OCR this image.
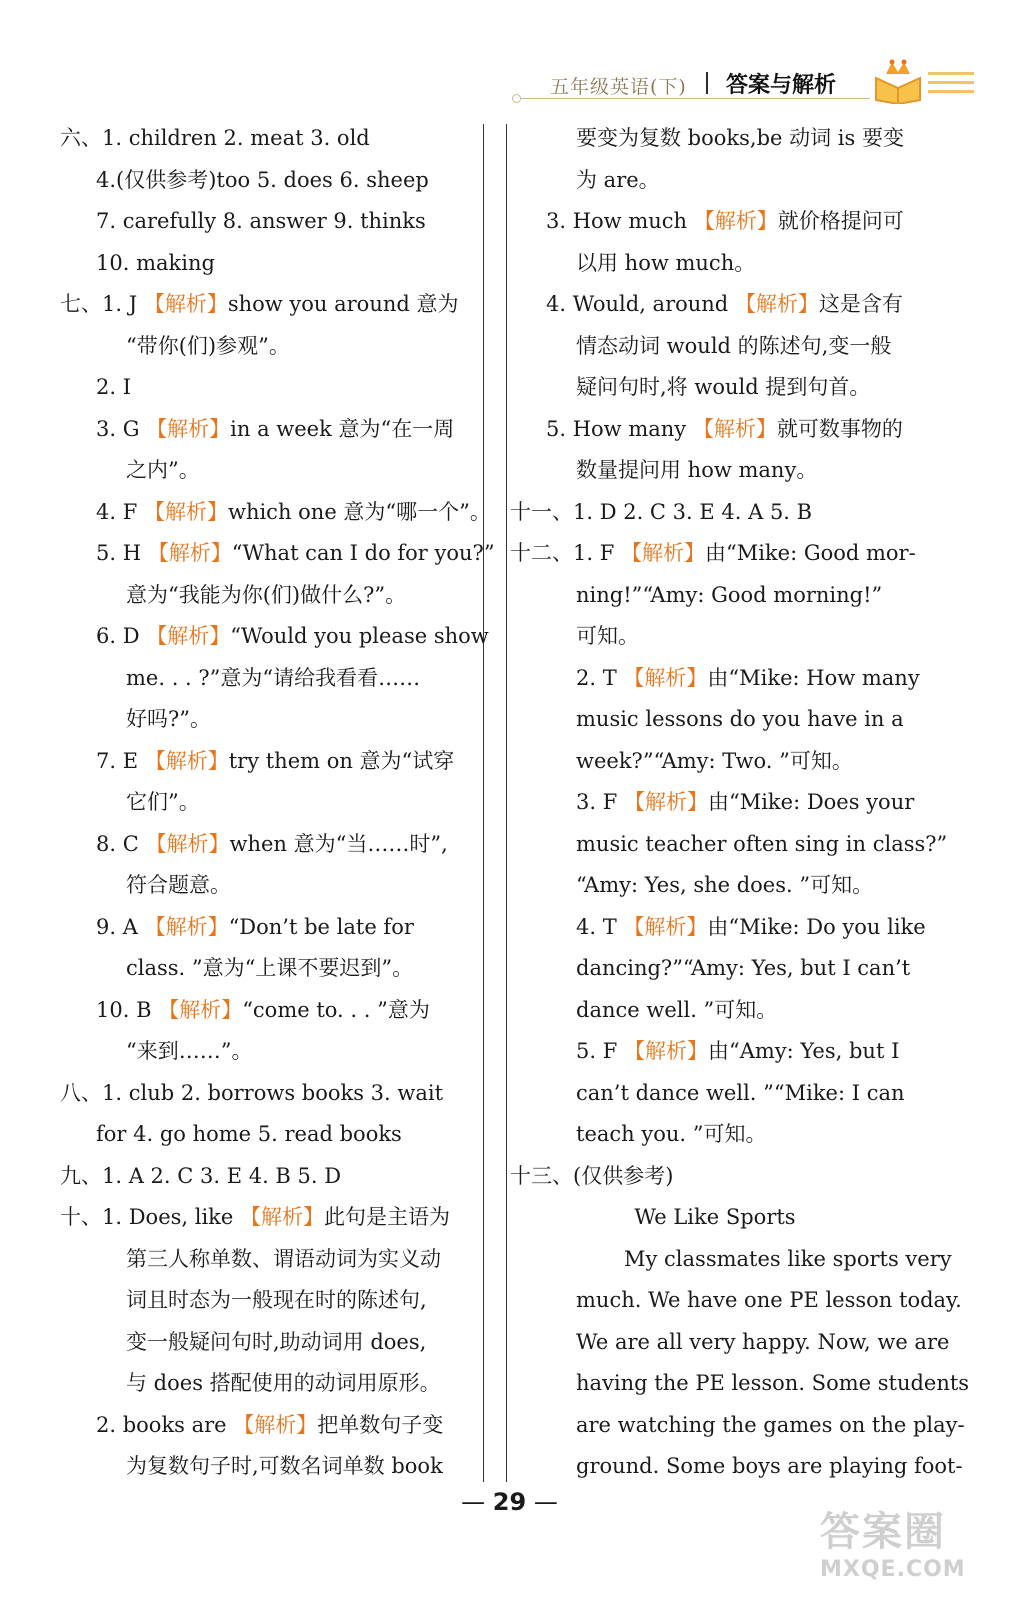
五年级英语(下) 答案与解析
六、1. children 2. meat 3. old
4.(仅供参考)too 5. does 6. sheep
7. carefully 8. answer 9. thinks
10. making
七、1. J 【 解析 】 show you around 意为
“带你(们)参观”。
2. I
3. G 【 解析 】 in a week 意为“在一周
之内”。
4. F 【 解析 】 which one 意为“哪一个”。
5. H 【 解析 】 “What can I do for you?”
意为“我能为你(们)做什么?”。
6. D 【 解析 】 “Would you please show
me. . . ?”意为“请给我看看……
好吗?”。
7. E 【 解析 】 try them on 意为“试穿
它们”。
8. C 【 解析 】 when 意为“当……时”,
符合题意。
9. A 【 解析 】 “Don’t be late for
class. ”意为“上课不要迟到”。
10. B 【 解析 】 “come to. . . ”意为
“来到……”。
八、1. club 2. borrows books 3. wait
for 4. go home 5. read books
九、1. A 2. C 3. E 4. B 5. D
十、1. Does, like 【 解析 】 此句是主语为
第三人称单数、谓语动词为实义动
词且时态为一般现在时的陈述句,
变一般疑问句时,助动词用 does,
与 does 搭配使用的动词用原形。
2. books are 【 解析 】 把单数句子变
为复数句子时,可数名词单数 book
要变为复数 books,be 动词 is 要变
为 are。
3. How much 【 解析 】 就价格提问可
以用 how much。
4. Would, around 【 解析 】 这是含有
情态动词 would 的陈述句,变一般
疑问句时,将 would 提到句首。
5. How many 【 解析 】 就可数事物的
数量提问用 how many。
十一、1. D 2. C 3. E 4. A 5. B
十二、1. F 【 解析 】 由“Mike: Good mor-
ning!”“Amy: Good morning!”
可知。
2. T 【 解析 】 由“Mike: How many
music lessons do you have in a
week?”“Amy: Two. ”可知。
3. F 【 解析 】 由“Mike: Does your
music teacher often sing in class?”
“Amy: Yes, she does. ”可知。
4. T 【 解析 】 由“Mike: Do you like
dancing?”“Amy: Yes, but I can’t
dance well. ”可知。
5. F 【 解析 】 由“Amy: Yes, but I
can’t dance well. ”“Mike: I can
teach you. ”可知。
十三、(仅供参考)
We Like Sports
My classmates like sports very
much. We have one PE lesson today.
We are all very happy. Now, we are
having the PE lesson. Some students
are watching the games on the play-
ground. Some boys are playing foot-
— 29 —
答案圈
MXQE.COM
